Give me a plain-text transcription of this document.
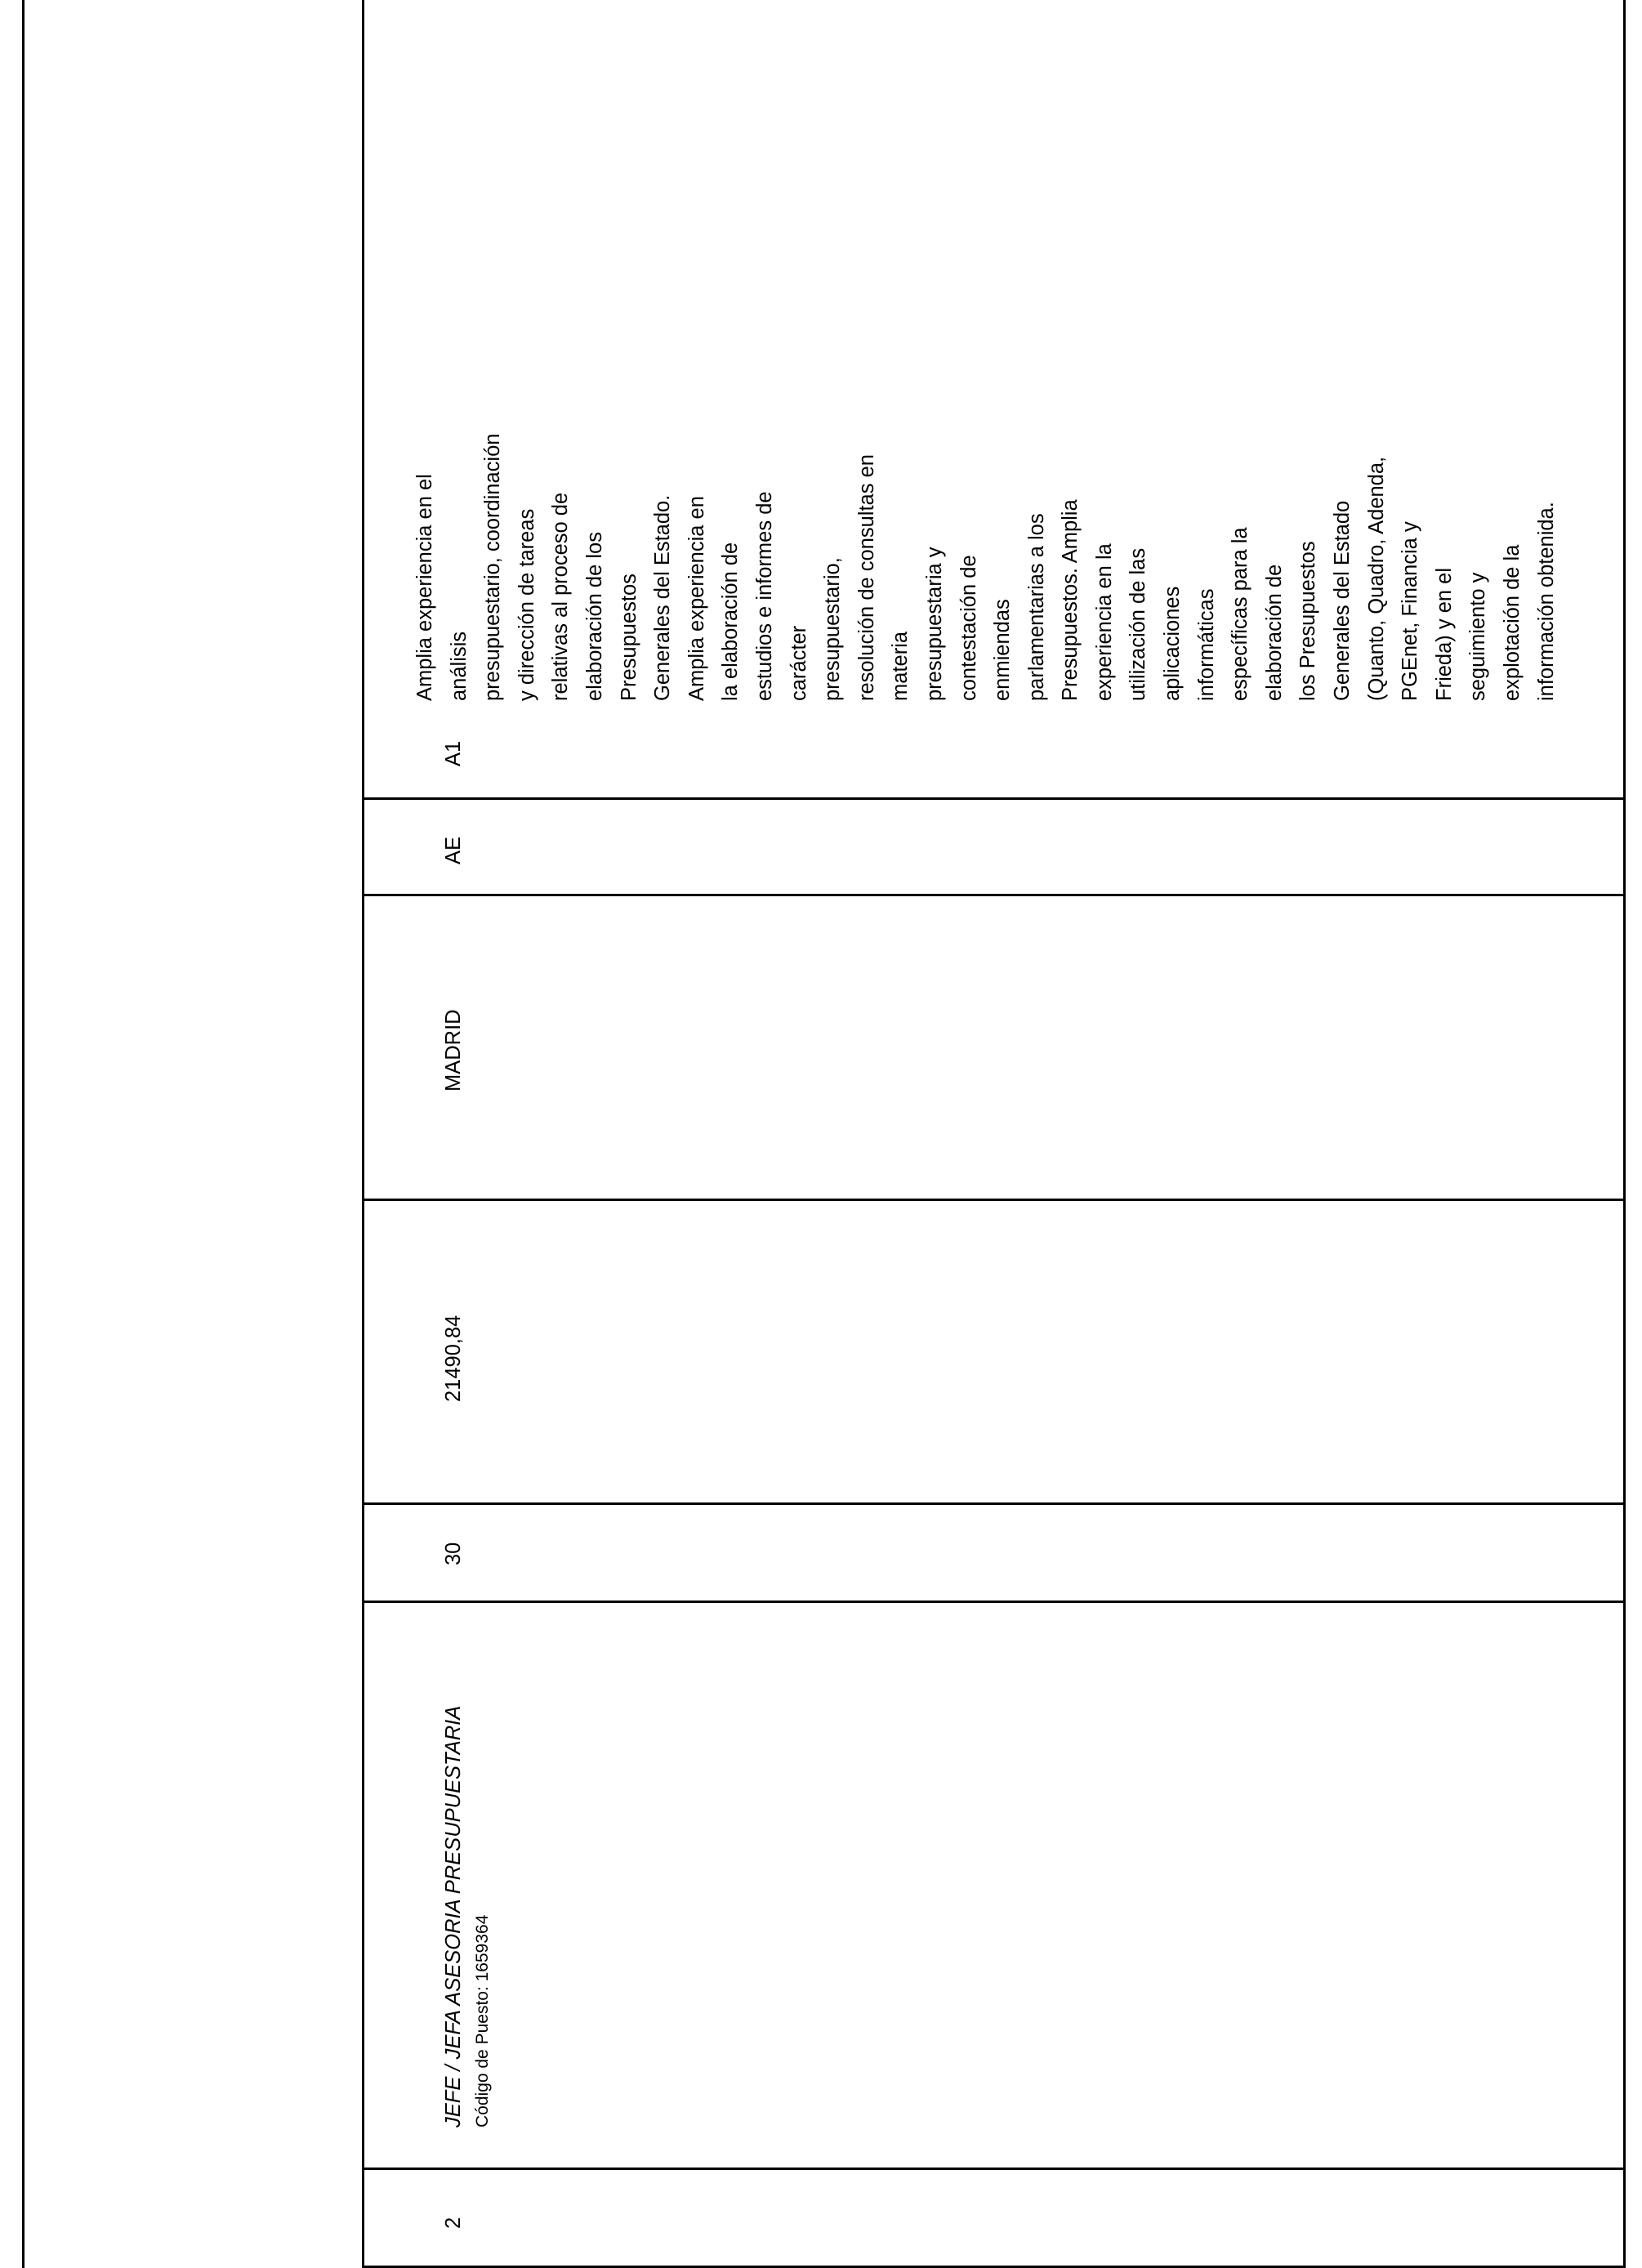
2
JEFE / JEFA ASESORIA PRESUPUESTARIA Código de Puesto: 1659364
30
21490,84
MADRID
AE
A1
Amplia experiencia en el análisis presupuestario, coordinación y dirección de tareas relativas al proceso de elaboración de los Presupuestos Generales del Estado. Amplia experiencia en la elaboración de estudios e informes de carácter presupuestario, resolución de consultas en materia presupuestaria y contestación de enmiendas parlamentarias a los Presupuestos. Amplia experiencia en la utilización de las aplicaciones informáticas específicas para la elaboración de los Presupuestos Generales del Estado (Quanto, Quadro, Adenda, PGEnet, Financia y Frieda) y en el seguimiento y explotación de la información obtenida.
